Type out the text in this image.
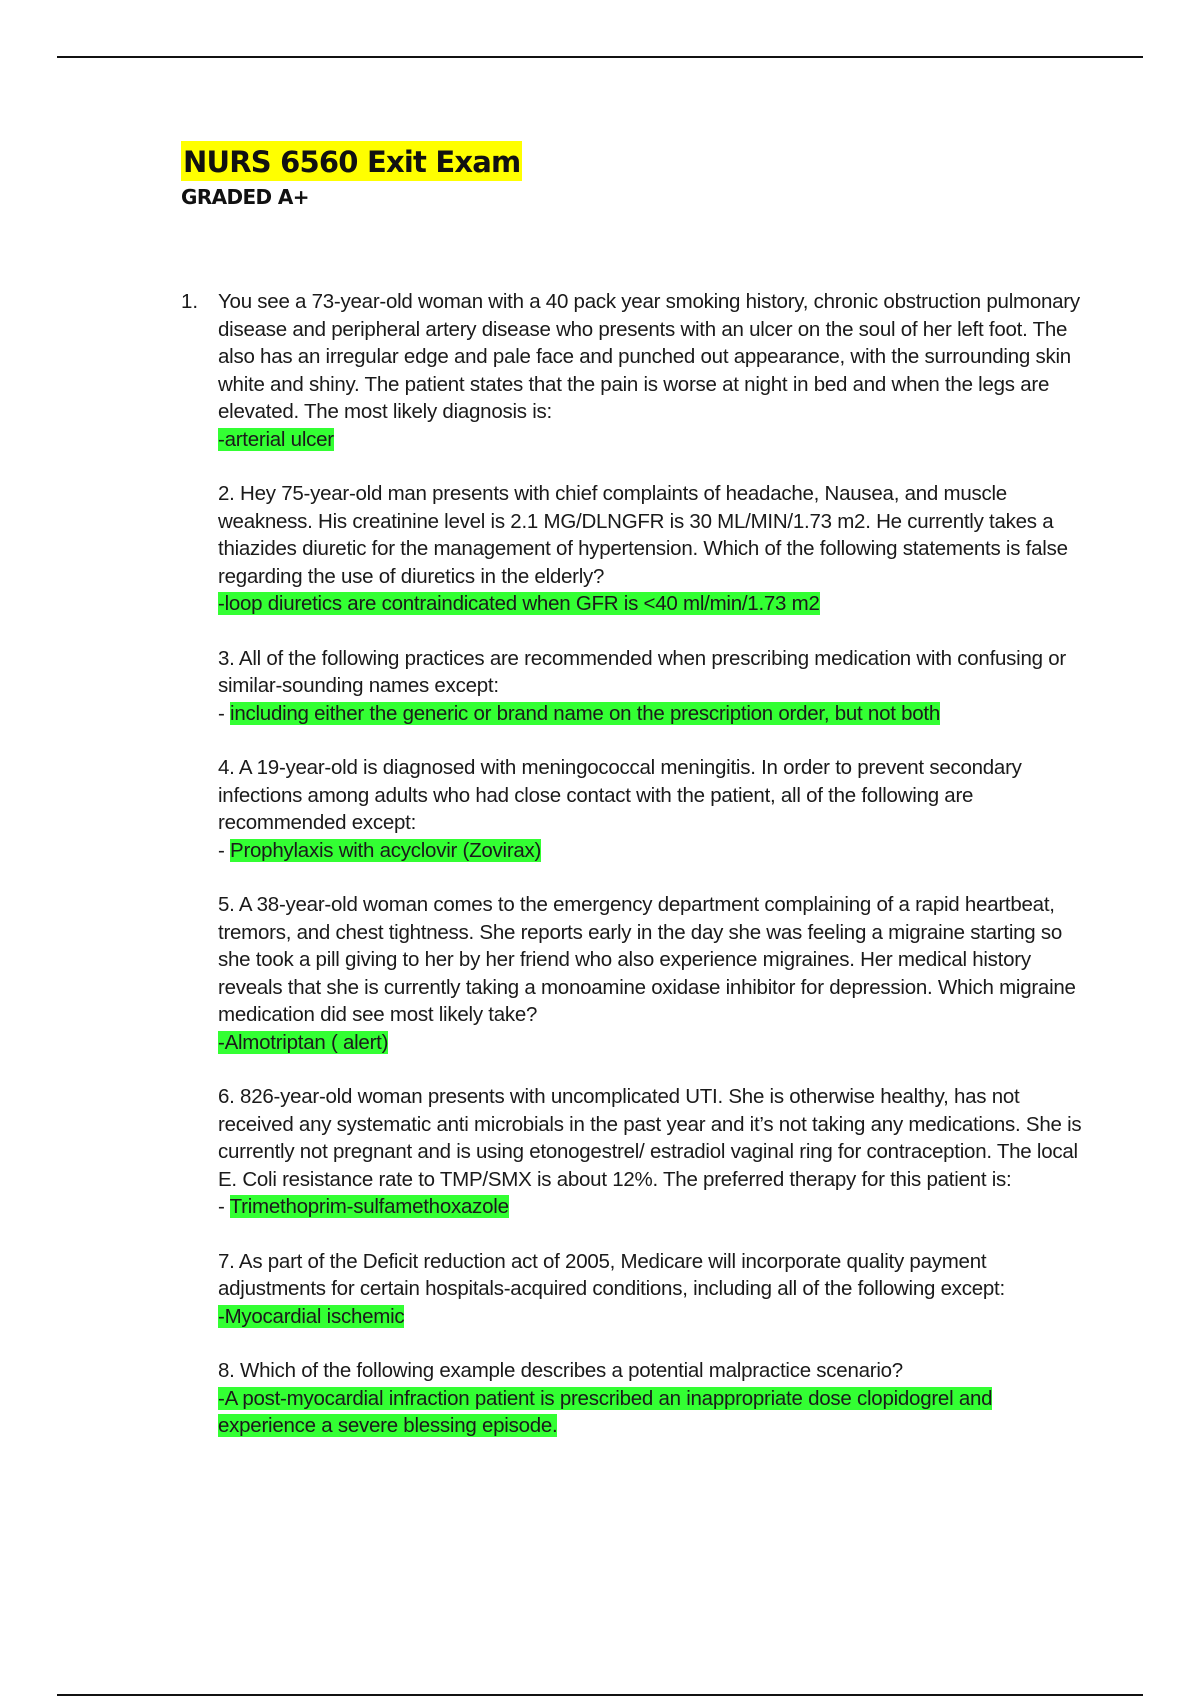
NURS 6560 Exit Exam
GRADED A+
1. You see a 73-year-old woman with a 40 pack year smoking history, chronic obstruction pulmonary disease and peripheral artery disease who presents with an ulcer on the soul of her left foot. The also has an irregular edge and pale face and punched out appearance, with the surrounding skin white and shiny. The patient states that the pain is worse at night in bed and when the legs are elevated. The most likely diagnosis is:
-arterial ulcer
2. Hey 75-year-old man presents with chief complaints of headache, Nausea, and muscle weakness. His creatinine level is 2.1 MG/DLNGFR is 30 ML/MIN/1.73 m2. He currently takes a thiazides diuretic for the management of hypertension. Which of the following statements is false regarding the use of diuretics in the elderly?
-loop diuretics are contraindicated when GFR is <40 ml/min/1.73 m2
3. All of the following practices are recommended when prescribing medication with confusing or similar-sounding names except:
- including either the generic or brand name on the prescription order, but not both
4. A 19-year-old is diagnosed with meningococcal meningitis. In order to prevent secondary infections among adults who had close contact with the patient, all of the following are recommended except:
- Prophylaxis with acyclovir (Zovirax)
5. A 38-year-old woman comes to the emergency department complaining of a rapid heartbeat, tremors, and chest tightness. She reports early in the day she was feeling a migraine starting so she took a pill giving to her by her friend who also experience migraines. Her medical history reveals that she is currently taking a monoamine oxidase inhibitor for depression. Which migraine medication did see most likely take?
-Almotriptan ( alert)
6. 826-year-old woman presents with uncomplicated UTI. She is otherwise healthy, has not received any systematic anti microbials in the past year and it’s not taking any medications. She is currently not pregnant and is using etonogestrel/ estradiol vaginal ring for contraception. The local E. Coli resistance rate to TMP/SMX is about 12%. The preferred therapy for this patient is:
- Trimethoprim-sulfamethoxazole
7. As part of the Deficit reduction act of 2005, Medicare will incorporate quality payment adjustments for certain hospitals-acquired conditions, including all of the following except:
-Myocardial ischemic
8. Which of the following example describes a potential malpractice scenario?
-A post-myocardial infraction patient is prescribed an inappropriate dose clopidogrel and experience a severe blessing episode.
